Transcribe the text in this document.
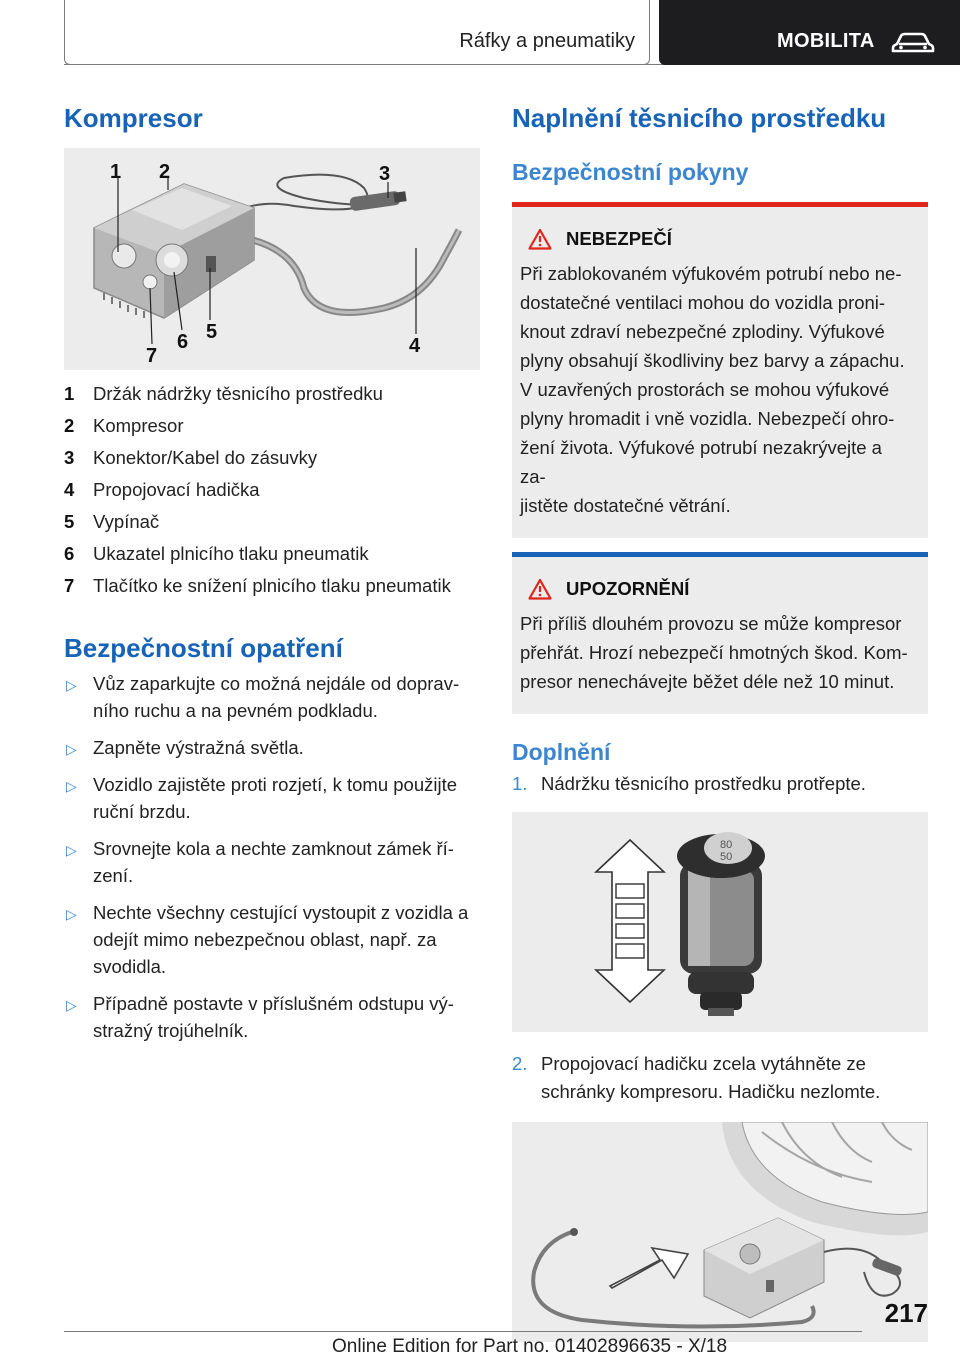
Ráfky a pneumatiky	MOBILITA
Kompresor
1 2	3
4
5
6
7
1	Držák nádržky těsnicího prostředku
2	Kompresor
3	Konektor/Kabel do zásuvky
4	Propojovací hadička
5	Vypínač
6	Ukazatel plnicího tlaku pneumatik
7	Tlačítko ke snížení plnicího tlaku pneumatik
Bezpečnostní opatření
▷ Vůz zaparkujte co možná nejdále od doprav-
ního ruchu a na pevném podkladu.
▷ Zapněte výstražná světla.
▷ Vozidlo zajistěte proti rozjetí, k tomu použijte
ruční brzdu.
▷ Srovnejte kola a nechte zamknout zámek ří-
zení.
▷ Nechte všechny cestující vystoupit z vozidla a
odejít mimo nebezpečnou oblast, např. za
svodidla.
▷ Případně postavte v příslušném odstupu vý-
stražný trojúhelník.
Naplnění těsnicího prostředku
Bezpečnostní pokyny
NEBEZPEČÍ

Při zablokovaném výfukovém potrubí nebo ne-
dostatečné ventilaci mohou do vozidla proni-
knout zdraví nebezpečné zplodiny. Výfukové
plyny obsahují škodliviny bez barvy a zápachu.
V uzavřených prostorách se mohou výfukové
plyny hromadit i vně vozidla. Nebezpečí ohro-
žení života. Výfukové potrubí nezakrývejte a za-
jistěte dostatečné větrání.

UPOZORNĚNÍ

Při příliš dlouhém provozu se může kompresor
přehřát. Hrozí nebezpečí hmotných škod. Kom-
presor nenechávejte běžet déle než 10 minut.

Doplnění
1. Nádržku těsnicího prostředku protřepte.
80
50
2. Propojovací hadičku zcela vytáhněte ze
schránky kompresoru. Hadičku nezlomte.
217
Online Edition for Part no. 01402896635 - X/18
